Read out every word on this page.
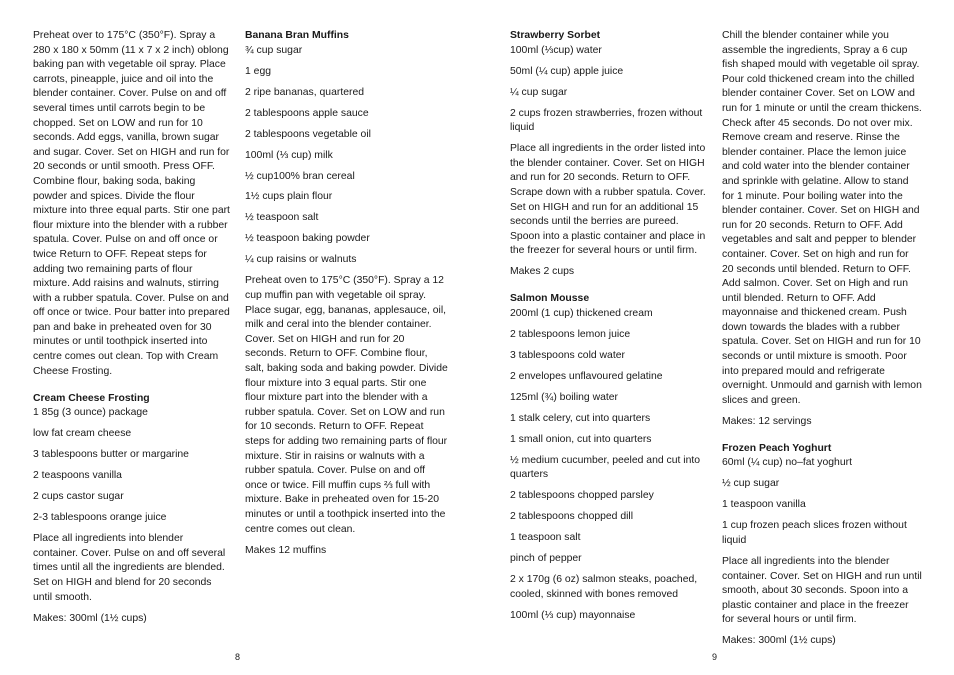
Preheat over to 175°C (350°F). Spray a 280 x 180 x 50mm (11 x 7 x 2 inch) oblong baking pan with vegetable oil spray. Place carrots, pineapple, juice and oil into the blender container. Cover. Pulse on and off several times until carrots begin to be chopped. Set on LOW and run for 10 seconds. Add eggs, vanilla, brown sugar and sugar. Cover. Set on HIGH and run for 20 seconds or until smooth. Press OFF. Combine flour, baking soda, baking powder and spices. Divide the flour mixture into three equal parts. Stir one part flour mixture into the blender with a rubber spatula. Cover. Pulse on and off once or twice Return to OFF. Repeat steps for adding two remaining parts of flour mixture. Add raisins and walnuts, stirring with a rubber spatula. Cover. Pulse on and off once or twice. Pour batter into prepared pan and bake in preheated oven for 30 minutes or until toothpick inserted into centre comes out clean. Top with Cream Cheese Frosting.

Cream Cheese Frosting

1 85g (3 ounce) package

low fat cream cheese

3 tablespoons butter or margarine

2 teaspoons vanilla

2 cups castor sugar

2-3 tablespoons orange juice

Place all ingredients into blender container. Cover. Pulse on and off several times until all the ingredients are blended. Set on HIGH and blend for 20 seconds until smooth.

Makes: 300ml (1½ cups)

Banana Bran Muffins

¾ cup sugar

1 egg

2 ripe bananas, quartered

2 tablespoons apple sauce

2 tablespoons vegetable oil

100ml (⅓ cup) milk

½ cup100% bran cereal

1½ cups plain flour

½ teaspoon salt

½ teaspoon baking powder

¼ cup raisins or walnuts

Preheat oven to 175°C (350°F). Spray a 12 cup muffin pan with vegetable oil spray. Place sugar, egg, bananas, applesauce, oil, milk and ceral into the blender container. Cover. Set on HIGH and run for 20 seconds. Return to OFF. Combine flour, salt, baking soda and baking powder. Divide flour mixture into 3 equal parts. Stir one flour mixture part into the blender with a rubber spatula. Cover. Set on LOW and run for 10 seconds. Return to OFF. Repeat steps for adding two remaining parts of flour mixture. Stir in raisins or walnuts with a rubber spatula. Cover. Pulse on and off once or twice. Fill muffin cups ⅔ full with mixture. Bake in preheated oven for 15-20 minutes or until a toothpick inserted into the centre comes out clean.

Makes 12 muffins

Strawberry Sorbet

100ml (⅓cup) water

50ml (¼ cup) apple juice

¼ cup sugar

2 cups frozen strawberries, frozen without liquid

Place all ingredients in the order listed into the blender container. Cover. Set on HIGH and run for 20 seconds. Return to OFF. Scrape down with a rubber spatula. Cover. Set on HIGH and run for an additional 15 seconds until the berries are pureed. Spoon into a plastic container and place in the freezer for several hours or until firm.

Makes 2 cups

Salmon Mousse

200ml (1 cup) thickened cream

2 tablespoons lemon juice

3 tablespoons cold water

2 envelopes unflavoured gelatine

125ml (¾) boiling water

1 stalk celery, cut into quarters

1 small onion, cut into quarters

½ medium cucumber, peeled and cut into quarters

2 tablespoons chopped parsley

2 tablespoons chopped dill

1 teaspoon salt

pinch of pepper

2 x 170g (6 oz) salmon steaks, poached, cooled, skinned with bones removed

100ml (⅓ cup) mayonnaise

Chill the blender container while you assemble the ingredients, Spray a 6 cup fish shaped mould with vegetable oil spray. Pour cold thickened cream into the chilled blender container Cover. Set on LOW and run for 1 minute or until the cream thickens. Check after 45 seconds. Do not over mix. Remove cream and reserve. Rinse the blender container. Place the lemon juice and cold water into the blender container and sprinkle with gelatine. Allow to stand for 1 minute. Pour boiling water into the blender container. Cover. Set on HIGH and run for 20 seconds. Return to OFF. Add vegetables and salt and pepper to blender container. Cover. Set on high and run for 20 seconds until blended. Return to OFF. Add salmon. Cover. Set on High and run until blended. Return to OFF. Add mayonnaise and thickened cream. Push down towards the blades with a rubber spatula. Cover. Set on HIGH and run for 10 seconds or until mixture is smooth. Poor into prepared mould and refrigerate overnight. Unmould and garnish with lemon slices and green.

Makes: 12 servings

Frozen Peach Yoghurt

60ml (¼ cup) no–fat yoghurt

½ cup sugar

1 teaspoon vanilla

1 cup frozen peach slices frozen without liquid

Place all ingredients into the blender container. Cover. Set on HIGH and run until smooth, about 30 seconds. Spoon into a plastic container and place in the freezer for several hours or until firm.

Makes: 300ml (1½ cups)

8	9
